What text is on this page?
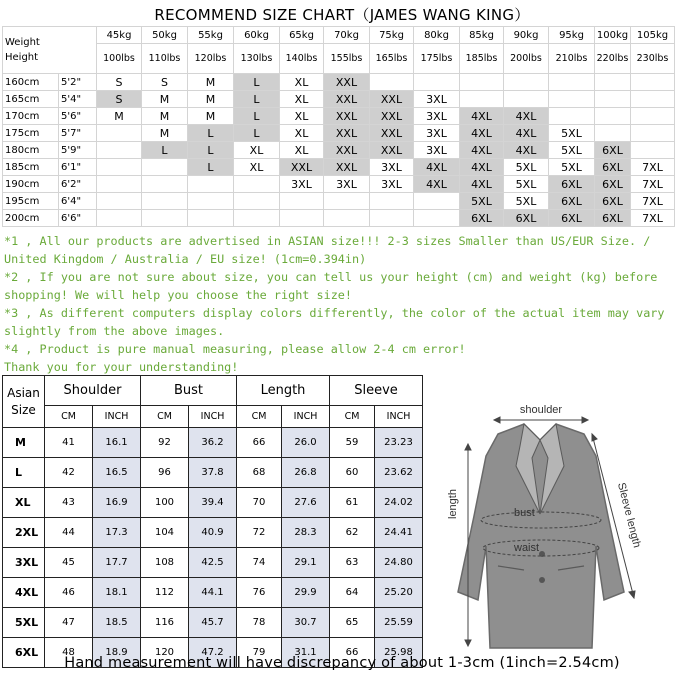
RECOMMEND SIZE CHART（JAMES WANG KING）
Weight
Height		45kg	50kg	55kg	60kg	65kg	70kg	75kg	80kg	85kg	90kg	95kg	100kg	105kg
		100lbs	110lbs	120lbs	130lbs	140lbs	155lbs	165lbs	175lbs	185lbs	200lbs	210lbs	220lbs	230lbs
160cm	5'2"	S	S	M	L	XL	XXL							
165cm	5'4"	S	M	M	L	XL	XXL	XXL	3XL					
170cm	5'6"	M	M	M	L	XL	XXL	XXL	3XL	4XL	4XL			
175cm	5'7"		M	L	L	XL	XXL	XXL	3XL	4XL	4XL	5XL		
180cm	5'9"		L	L	XL	XL	XXL	XXL	3XL	4XL	4XL	5XL	6XL	
185cm	6'1"			L	XL	XXL	XXL	3XL	4XL	4XL	5XL	5XL	6XL	7XL
190cm	6'2"					3XL	3XL	3XL	4XL	4XL	5XL	6XL	6XL	7XL
195cm	6'4"									5XL	5XL	6XL	6XL	7XL
200cm	6'6"									6XL	6XL	6XL	6XL	7XL

*1 , All our products are advertised in ASIAN size!!! 2-3 sizes Smaller than US/EUR Size. / United Kingdom / Australia / EU size! (1cm=0.394in)

*2 , If you are not sure about size, you can tell us your height (cm) and weight (kg) before shopping! We will help you choose the right size!

*3 , As different computers display colors differently, the color of the actual item may vary slightly from the above images.

*4 , Product is pure manual measuring, please allow 2-4 cm error!

Thank you for your understanding!

Asian Size	Shoulder		Bust		Length		Sleeve	
	CM	INCH	CM	INCH	CM	INCH	CM	INCH
M	41	16.1	92	36.2	66	26.0	59	23.23
L	42	16.5	96	37.8	68	26.8	60	23.62
XL	43	16.9	100	39.4	70	27.6	61	24.02
2XL	44	17.3	104	40.9	72	28.3	62	24.41
3XL	45	17.7	108	42.5	74	29.1	63	24.80
4XL	46	18.1	112	44.1	76	29.9	64	25.20
5XL	47	18.5	116	45.7	78	30.7	65	25.59
6XL	48	18.9	120	47.2	79	31.1	66	25.98
shoulder
length	bust
waist	Sleeve length
Hand measurement will have discrepancy of about 1-3cm (1inch=2.54cm)
